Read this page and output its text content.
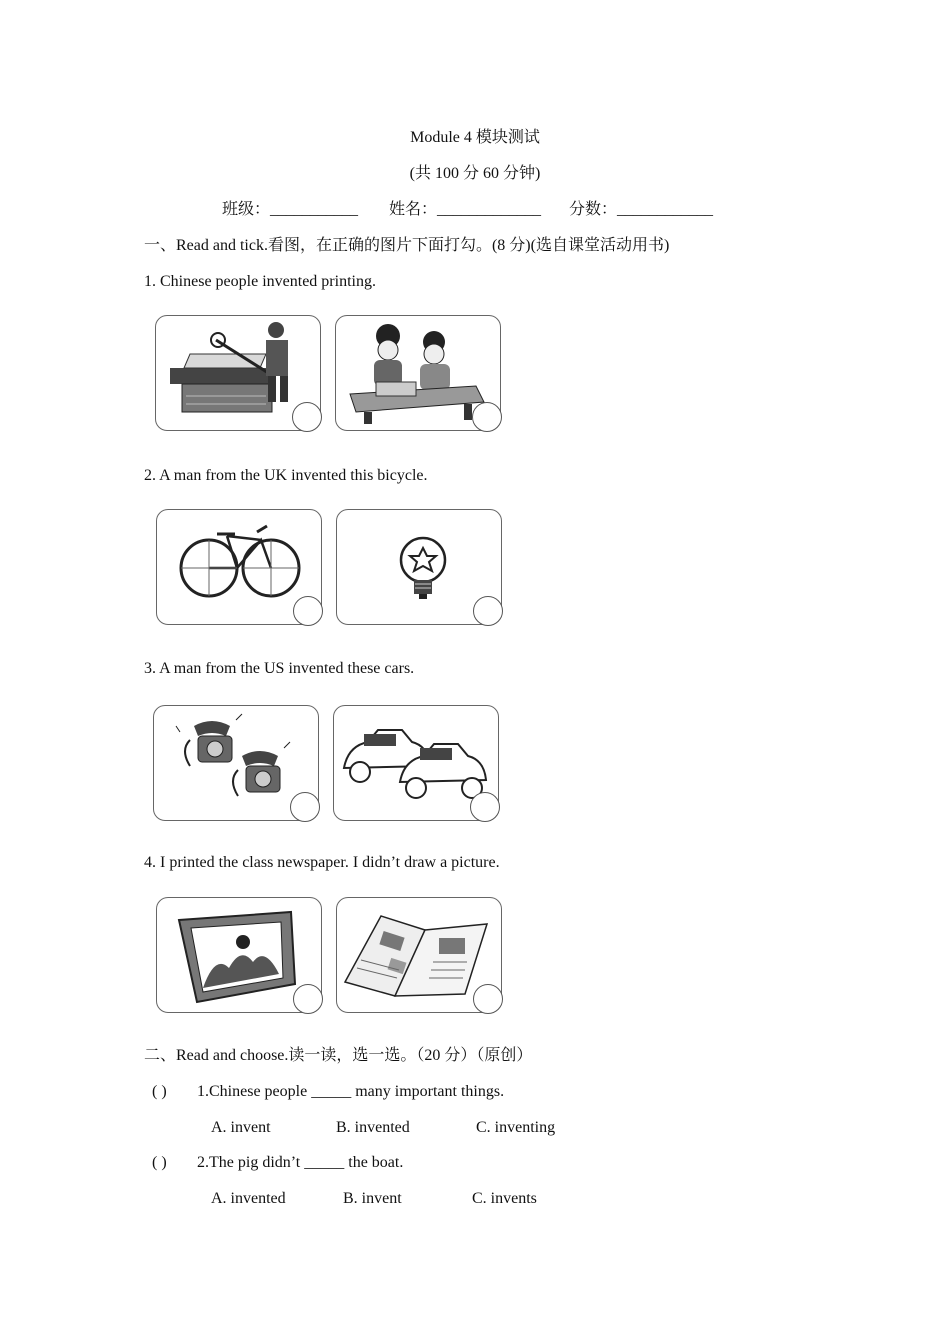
Module 4 模块测试
(共 100 分 60 分钟)
班级：___________ 姓名：_____________ 分数：____________
一、Read and tick.看图，在正确的图片下面打勾。(8 分)(选自课堂活动用书)
1. Chinese people invented printing.
2. A man from the UK invented this bicycle.
3. A man from the US invented these cars.
4. I printed the class newspaper. I didn’t draw a picture.
二、Read and choose.读一读，选一选。（20 分）（原创）
( ) 1.Chinese people _____ many important things.
A. invent	B. invented	C. inventing
( ) 2.The pig didn’t _____ the boat.
A. invented	B. invent	C. invents
